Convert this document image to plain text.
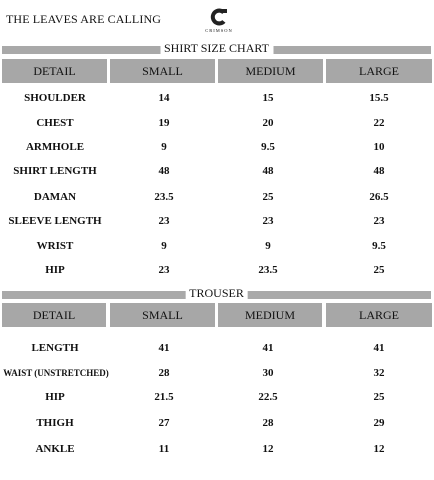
THE LEAVES ARE CALLING
CRIMSON
SHIRT SIZE CHART
DETAIL	SMALL	MEDIUM	LARGE
SHOULDER	14	15	15.5
CHEST	19	20	22
ARMHOLE	9	9.5	10
SHIRT LENGTH	48	48	48
DAMAN	23.5	25	26.5
SLEEVE LENGTH	23	23	23
WRIST	9	9	9.5
HIP	23	23.5	25
TROUSER
DETAIL	SMALL	MEDIUM	LARGE
LENGTH	41	41	41
WAIST (UNSTRETCHED)	28	30	32
HIP	21.5	22.5	25
THIGH	27	28	29
ANKLE	11	12	12
